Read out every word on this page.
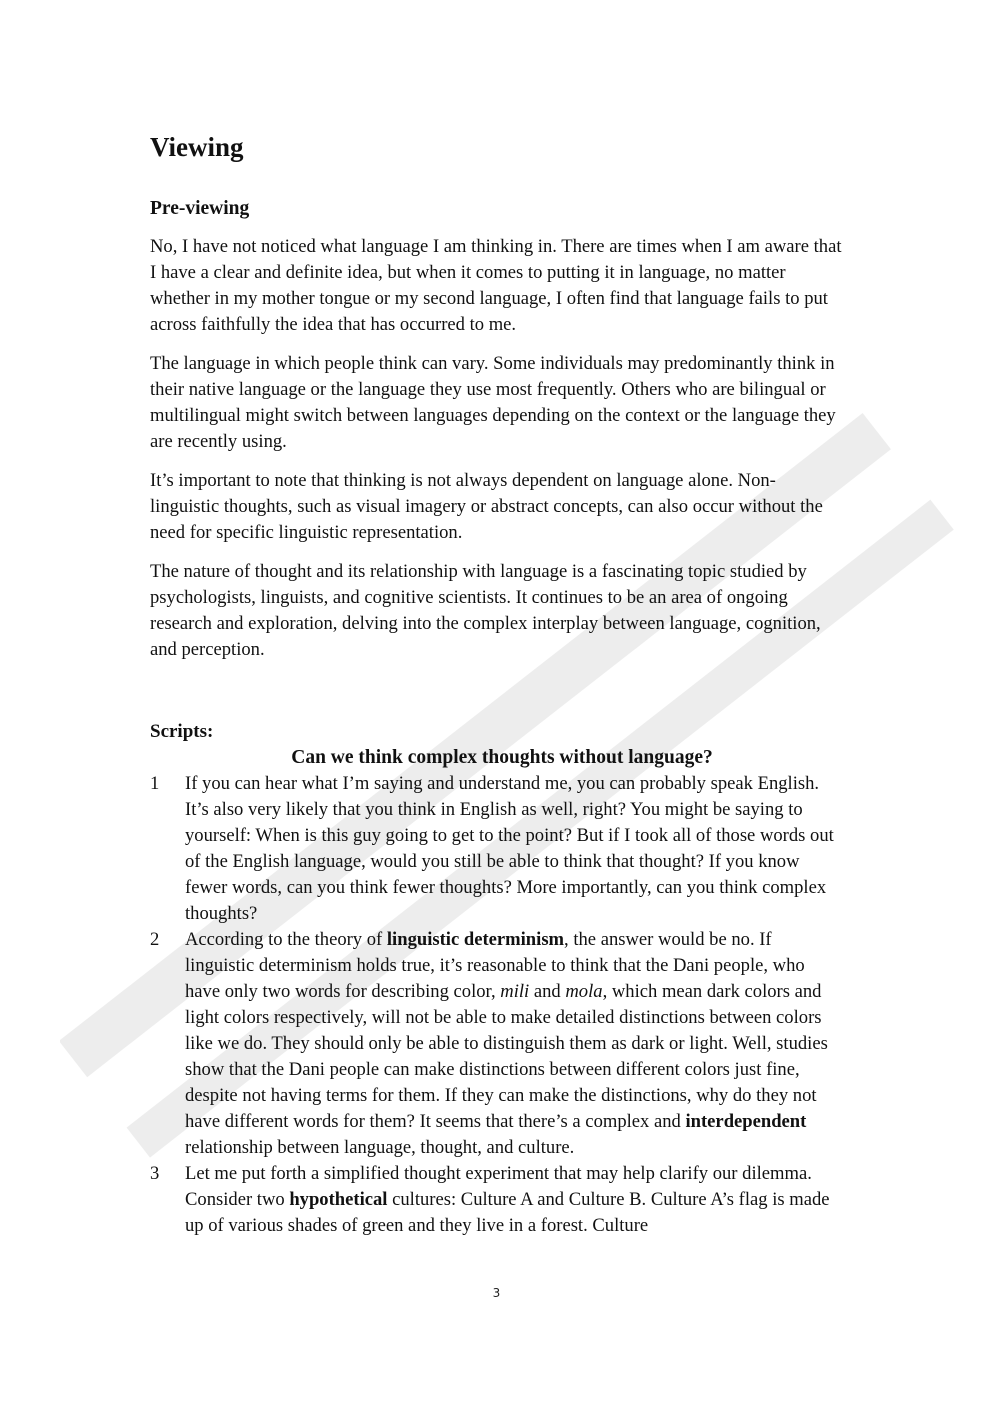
Viewing
Pre-viewing

No, I have not noticed what language I am thinking in. There are times when I am aware that I have a clear and definite idea, but when it comes to putting it in language, no matter whether in my mother tongue or my second language, I often find that language fails to put across faithfully the idea that has occurred to me.

The language in which people think can vary. Some individuals may predominantly think in their native language or the language they use most frequently. Others who are bilingual or multilingual might switch between languages depending on the context or the language they are recently using.

It’s important to note that thinking is not always dependent on language alone. Non-linguistic thoughts, such as visual imagery or abstract concepts, can also occur without the need for specific linguistic representation.

The nature of thought and its relationship with language is a fascinating topic studied by psychologists, linguists, and cognitive scientists. It continues to be an area of ongoing research and exploration, delving into the complex interplay between language, cognition, and perception.

Scripts:
Can we think complex thoughts without language?
1	If you can hear what I’m saying and understand me, you can probably speak English. It’s also very likely that you think in English as well, right? You might be saying to yourself: When is this guy going to get to the point? But if I took all of those words out of the English language, would you still be able to think that thought? If you know fewer words, can you think fewer thoughts? More importantly, can you think complex thoughts?
2	According to the theory of linguistic determinism, the answer would be no. If linguistic determinism holds true, it’s reasonable to think that the Dani people, who have only two words for describing color, mili and mola, which mean dark colors and light colors respectively, will not be able to make detailed distinctions between colors like we do. They should only be able to distinguish them as dark or light. Well, studies show that the Dani people can make distinctions between different colors just fine, despite not having terms for them. If they can make the distinctions, why do they not have different words for them? It seems that there’s a complex and interdependent relationship between language, thought, and culture.
3	Let me put forth a simplified thought experiment that may help clarify our dilemma. Consider two hypothetical cultures: Culture A and Culture B. Culture A’s flag is made up of various shades of green and they live in a forest. Culture
3
